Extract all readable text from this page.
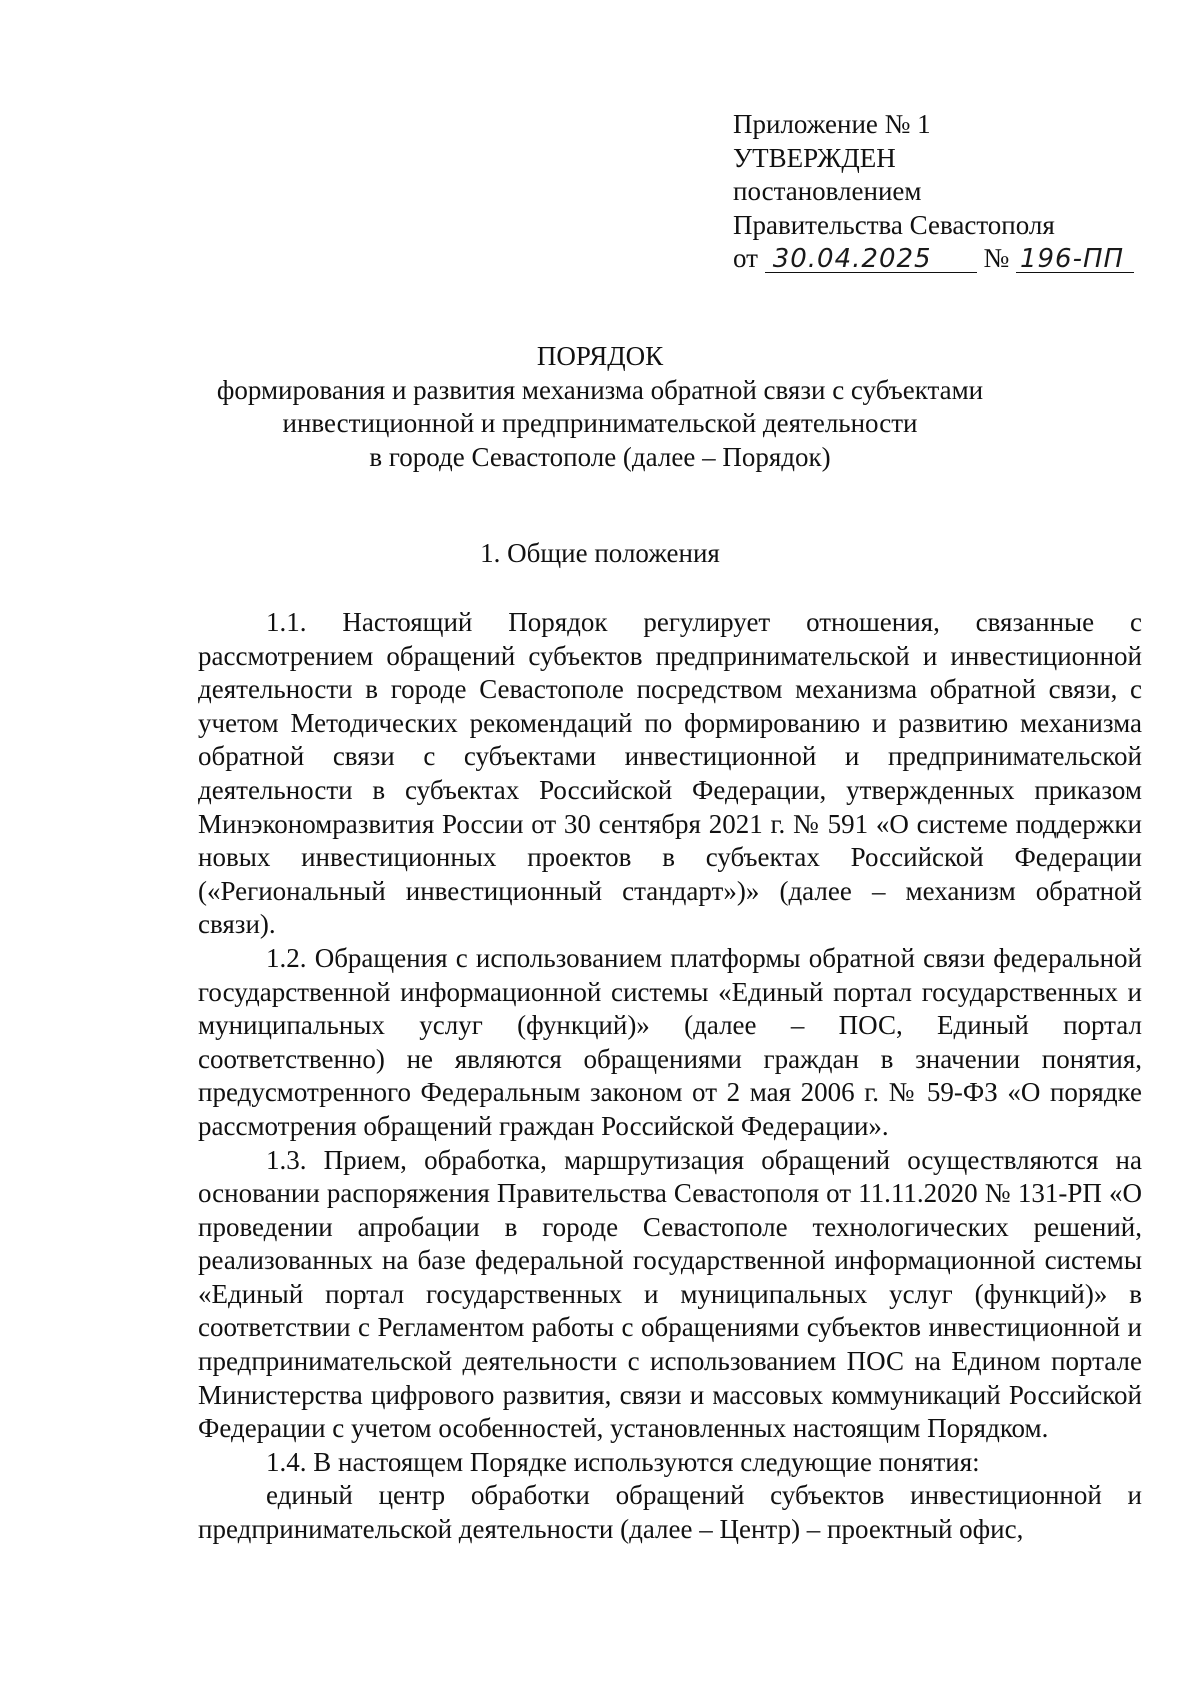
Приложение № 1
УТВЕРЖДЕН
постановлением
Правительства Севастополя
от 30.04.2025 № 196-ПП
ПОРЯДОК
формирования и развития механизма обратной связи с субъектами
инвестиционной и предпринимательской деятельности
в городе Севастополе (далее – Порядок)
1. Общие положения

1.1. Настоящий Порядок регулирует отношения, связанные с рассмотрением обращений субъектов предпринимательской и инвестиционной деятельности в городе Севастополе посредством механизма обратной связи, с учетом Методических рекомендаций по формированию и развитию механизма обратной связи с субъектами инвестиционной и предпринимательской деятельности в субъектах Российской Федерации, утвержденных приказом Минэкономразвития России от 30 сентября 2021 г. № 591 «О системе поддержки новых инвестиционных проектов в субъектах Российской Федерации («Региональный инвестиционный стандарт»)» (далее – механизм обратной связи).

1.2. Обращения с использованием платформы обратной связи федеральной государственной информационной системы «Единый портал государственных и муниципальных услуг (функций)» (далее – ПОС, Единый портал соответственно) не являются обращениями граждан в значении понятия, предусмотренного Федеральным законом от 2 мая 2006 г. № 59-ФЗ «О порядке рассмотрения обращений граждан Российской Федерации».

1.3. Прием, обработка, маршрутизация обращений осуществляются на основании распоряжения Правительства Севастополя от 11.11.2020 № 131-РП «О проведении апробации в городе Севастополе технологических решений, реализованных на базе федеральной государственной информационной системы «Единый портал государственных и муниципальных услуг (функций)» в соответствии с Регламентом работы с обращениями субъектов инвестиционной и предпринимательской деятельности с использованием ПОС на Едином портале Министерства цифрового развития, связи и массовых коммуникаций Российской Федерации с учетом особенностей, установленных настоящим Порядком.

1.4. В настоящем Порядке используются следующие понятия:

единый центр обработки обращений субъектов инвестиционной и предпринимательской деятельности (далее – Центр) – проектный офис,
